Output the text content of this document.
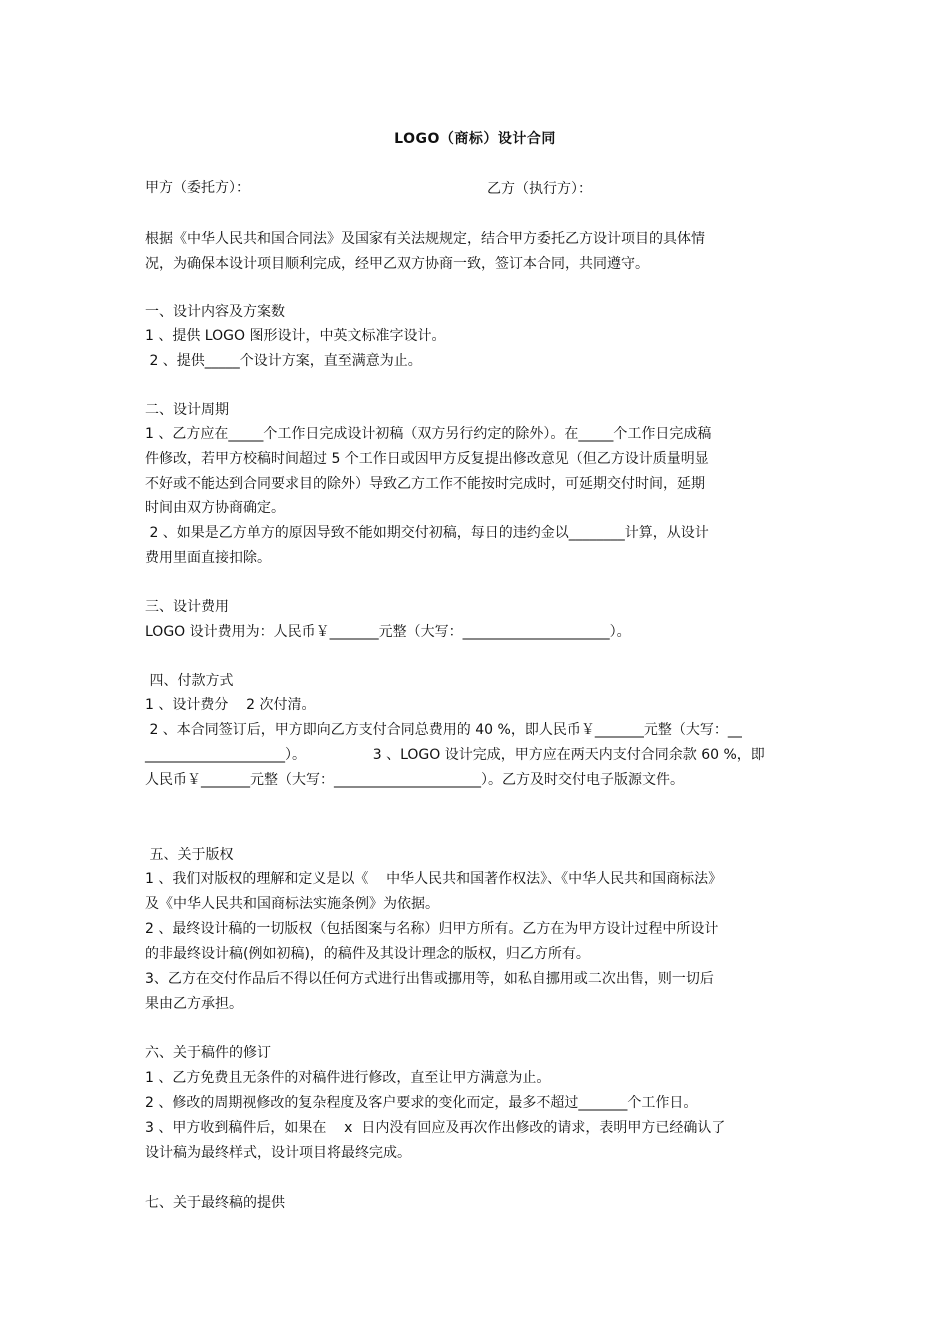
LOGO（商标）设计合同
甲方（委托方）：	乙方（执行方）：
根据《中华人民共和国合同法》及国家有关法规规定，结合甲方委托乙方设计项目的具体情
况，为确保本设计项目顺利完成，经甲乙双方协商一致，签订本合同，共同遵守。
一、设计内容及方案数
1 、提供 LOGO 图形设计，中英文标准字设计。
2 、提供_____个设计方案，直至满意为止。
二、设计周期
1 、乙方应在_____个工作日完成设计初稿（双方另行约定的除外）。在_____个工作日完成稿
件修改，若甲方校稿时间超过 5 个工作日或因甲方反复提出修改意见（但乙方设计质量明显
不好或不能达到合同要求目的除外）导致乙方工作不能按时完成时，可延期交付时间，延期
时间由双方协商确定。
2 、如果是乙方单方的原因导致不能如期交付初稿，每日的违约金以________计算，从设计
费用里面直接扣除。
三、设计费用
LOGO 设计费用为：人民币￥_______元整（大写：_____________________）。
四、付款方式
1 、设计费分    2 次付清。
2 、本合同签订后，甲方即向乙方支付合同总费用的 40 %，即人民币￥_______元整（大写：__
____________________）。               3 、LOGO 设计完成，甲方应在两天内支付合同余款 60 %，即
人民币￥_______元整（大写：_____________________）。乙方及时交付电子版源文件。
五、关于版权
1 、我们对版权的理解和定义是以《    中华人民共和国著作权法》、《中华人民共和国商标法》
及《中华人民共和国商标法实施条例》为依据。
2 、最终设计稿的一切版权（包括图案与名称）归甲方所有。乙方在为甲方设计过程中所设计
的非最终设计稿(例如初稿)，的稿件及其设计理念的版权，归乙方所有。
3、乙方在交付作品后不得以任何方式进行出售或挪用等，如私自挪用或二次出售，则一切后
果由乙方承担。
六、关于稿件的修订
1 、乙方免费且无条件的对稿件进行修改，直至让甲方满意为止。
2 、修改的周期视修改的复杂程度及客户要求的变化而定，最多不超过_______个工作日。
3 、甲方收到稿件后，如果在    x  日内没有回应及再次作出修改的请求，表明甲方已经确认了
设计稿为最终样式，设计项目将最终完成。
七、关于最终稿的提供
